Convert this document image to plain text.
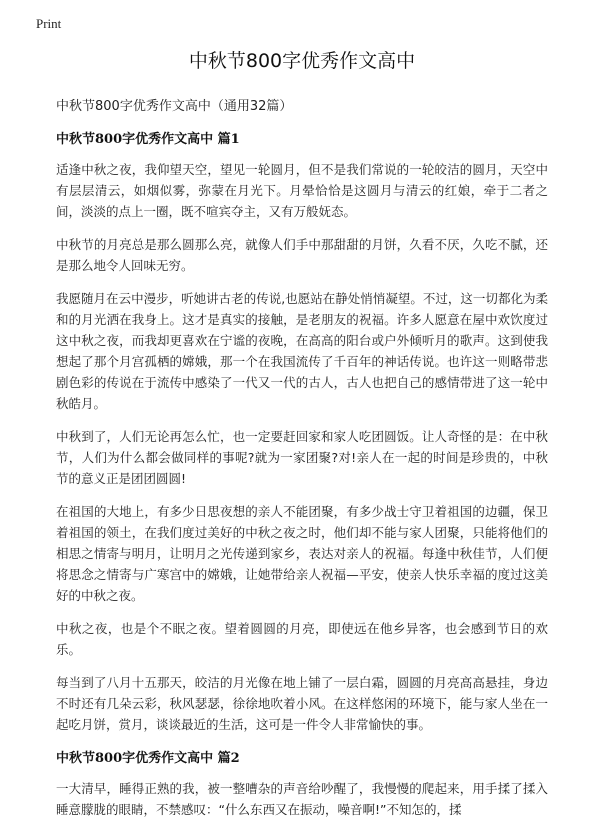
Print
中秋节800字优秀作文高中

中秋节800字优秀作文高中（通用32篇）

中秋节800字优秀作文高中 篇1

适逢中秋之夜，我仰望天空，望见一轮圆月，但不是我们常说的一轮皎洁的圆月，天空中有层层清云，如烟似雾，弥蒙在月光下。月晕恰恰是这圆月与清云的红娘，牵于二者之间，淡淡的点上一圈，既不喧宾夺主，又有万般妩态。

中秋节的月亮总是那么圆那么亮，就像人们手中那甜甜的月饼，久看不厌，久吃不腻，还是那么地令人回味无穷。

我愿随月在云中漫步，听她讲古老的传说,也愿站在静处悄悄凝望。不过，这一切都化为柔和的月光洒在我身上。这才是真实的接触，是老朋友的祝福。许多人愿意在屋中欢饮度过这中秋之夜，而我却更喜欢在宁谧的夜晚，在高高的阳台或户外倾听月的歌声。这到使我想起了那个月宫孤栖的嫦娥，那一个在我国流传了千百年的神话传说。也许这一则略带悲剧色彩的传说在于流传中感染了一代又一代的古人，古人也把自己的感情带进了这一轮中秋皓月。

中秋到了，人们无论再怎么忙，也一定要赶回家和家人吃团圆饭。让人奇怪的是：在中秋节，人们为什么都会做同样的事呢?就为一家团聚?对!亲人在一起的时间是珍贵的，中秋节的意义正是团团圆圆!

在祖国的大地上，有多少日思夜想的亲人不能团聚，有多少战士守卫着祖国的边疆，保卫着祖国的领土，在我们度过美好的中秋之夜之时，他们却不能与家人团聚，只能将他们的相思之情寄与明月，让明月之光传递到家乡，表达对亲人的祝福。每逢中秋佳节，人们便将思念之情寄与广寒宫中的嫦娥，让她带给亲人祝福—平安，使亲人快乐幸福的度过这美好的中秋之夜。

中秋之夜，也是个不眠之夜。望着圆圆的月亮，即使远在他乡异客，也会感到节日的欢乐。

每当到了八月十五那天，皎洁的月光像在地上铺了一层白霜，圆圆的月亮高高悬挂，身边不时还有几朵云彩，秋风瑟瑟，徐徐地吹着小风。在这样悠闲的环境下，能与家人坐在一起吃月饼，赏月，谈谈最近的生活，这可是一件令人非常愉快的事。

中秋节800字优秀作文高中 篇2

一大清早，睡得正熟的我，被一整嘈杂的声音给吵醒了，我慢慢的爬起来，用手揉了揉入睡意朦胧的眼睛，不禁感叹：“什么东西又在振动，噪音啊!”不知怎的，揉
